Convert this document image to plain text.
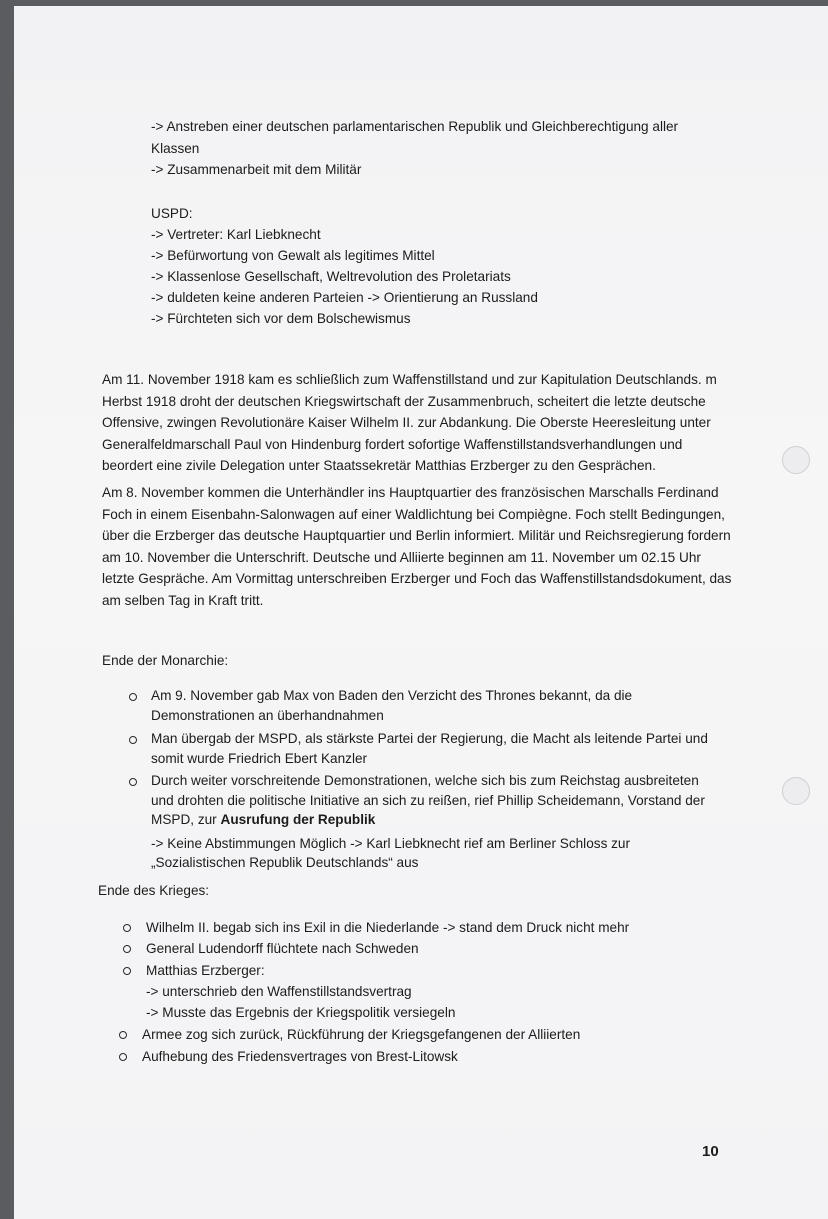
-> Anstreben einer deutschen parlamentarischen Republik und Gleichberechtigung aller
Klassen
-> Zusammenarbeit mit dem Militär
USPD:
-> Vertreter: Karl Liebknecht
-> Befürwortung von Gewalt als legitimes Mittel
-> Klassenlose Gesellschaft, Weltrevolution des Proletariats
-> duldeten keine anderen Parteien -> Orientierung an Russland
-> Fürchteten sich vor dem Bolschewismus

Am 11. November 1918 kam es schließlich zum Waffenstillstand und zur Kapitulation Deutschlands. m Herbst 1918 droht der deutschen Kriegswirtschaft der Zusammenbruch, scheitert die letzte deutsche Offensive, zwingen Revolutionäre Kaiser Wilhelm II. zur Abdankung. Die Oberste Heeresleitung unter Generalfeldmarschall Paul von Hindenburg fordert sofortige Waffenstillstandsverhandlungen und beordert eine zivile Delegation unter Staatssekretär Matthias Erzberger zu den Gesprächen.

Am 8. November kommen die Unterhändler ins Hauptquartier des französischen Marschalls Ferdinand Foch in einem Eisenbahn-Salonwagen auf einer Waldlichtung bei Compiègne. Foch stellt Bedingungen, über die Erzberger das deutsche Hauptquartier und Berlin informiert. Militär und Reichsregierung fordern am 10. November die Unterschrift. Deutsche und Alliierte beginnen am 11. November um 02.15 Uhr letzte Gespräche. Am Vormittag unterschreiben Erzberger und Foch das Waffenstillstandsdokument, das am selben Tag in Kraft tritt.

Ende der Monarchie:
Am 9. November gab Max von Baden den Verzicht des Thrones bekannt, da die
Demonstrationen an überhandnahmen
Man übergab der MSPD, als stärkste Partei der Regierung, die Macht als leitende Partei und
somit wurde Friedrich Ebert Kanzler
Durch weiter vorschreitende Demonstrationen, welche sich bis zum Reichstag ausbreiteten
und drohten die politische Initiative an sich zu reißen, rief Phillip Scheidemann, Vorstand der
MSPD, zur Ausrufung der Republik
-> Keine Abstimmungen Möglich -> Karl Liebknecht rief am Berliner Schloss zur
„Sozialistischen Republik Deutschlands“ aus
Ende des Krieges:
Wilhelm II. begab sich ins Exil in die Niederlande -> stand dem Druck nicht mehr
General Ludendorff flüchtete nach Schweden
Matthias Erzberger:
-> unterschrieb den Waffenstillstandsvertrag
-> Musste das Ergebnis der Kriegspolitik versiegeln
Armee zog sich zurück, Rückführung der Kriegsgefangenen der Alliierten
Aufhebung des Friedensvertrages von Brest-Litowsk
10
